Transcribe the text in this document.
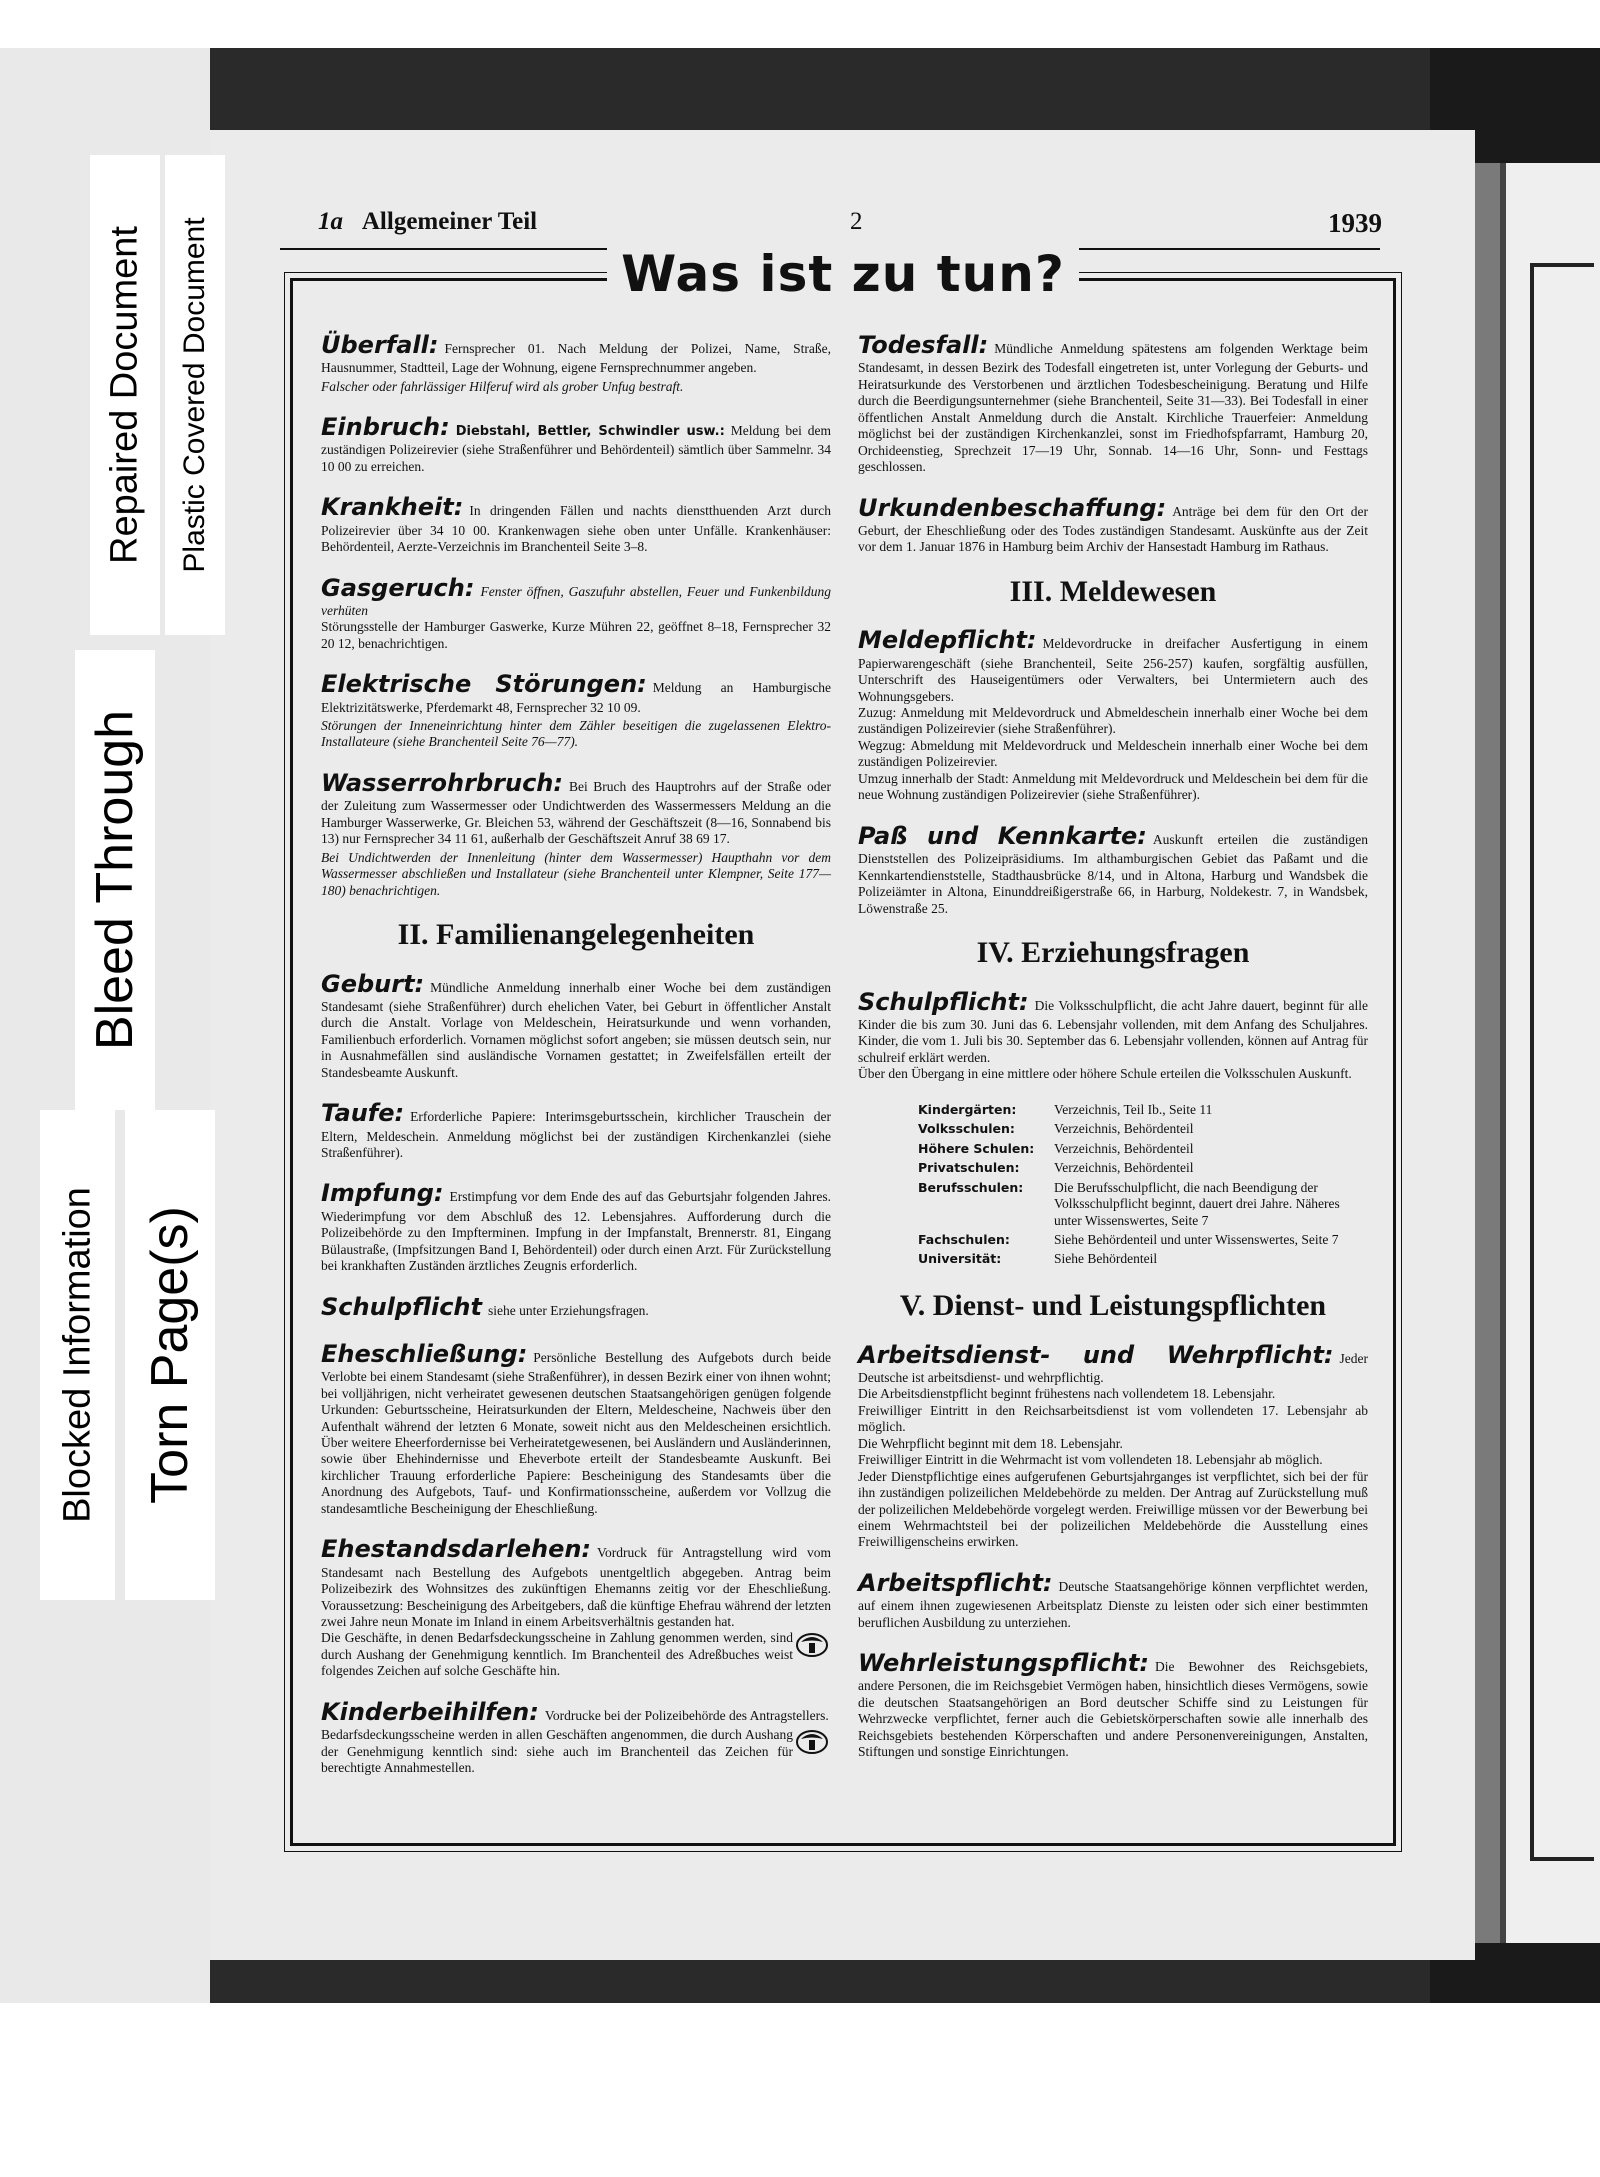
1a Allgemeiner Teil	2	1939
Was ist zu tun?

Überfall: Fernsprecher 01. Nach Meldung der Polizei, Name, Straße, Hausnummer, Stadtteil, Lage der Wohnung, eigene Fernsprechnummer angeben.

Falscher oder fahrlässiger Hilferuf wird als grober Unfug bestraft.

Einbruch: Diebstahl, Bettler, Schwindler usw.: Meldung bei dem zuständigen Polizeirevier (siehe Straßenführer und Behördenteil) sämtlich über Sammelnr. 34 10 00 zu erreichen.

Krankheit: In dringenden Fällen und nachts dienstthuenden Arzt durch Polizeirevier über 34 10 00. Krankenwagen siehe oben unter Unfälle. Krankenhäuser: Behördenteil, Aerzte-Verzeichnis im Branchenteil Seite 3–8.

Gasgeruch: Fenster öffnen, Gaszufuhr abstellen, Feuer und Funkenbildung verhüten

Störungsstelle der Hamburger Gaswerke, Kurze Mühren 22, geöffnet 8–18, Fernsprecher 32 20 12, benachrichtigen.

Elektrische Störungen: Meldung an Hamburgische Elektrizitätswerke, Pferdemarkt 48, Fernsprecher 32 10 09.

Störungen der Inneneinrichtung hinter dem Zähler beseitigen die zugelassenen Elektro-Installateure (siehe Branchenteil Seite 76—77).

Wasserrohrbruch: Bei Bruch des Hauptrohrs auf der Straße oder der Zuleitung zum Wassermesser oder Undichtwerden des Wassermessers Meldung an die Hamburger Wasserwerke, Gr. Bleichen 53, während der Geschäftszeit (8—16, Sonnabend bis 13) nur Fernsprecher 34 11 61, außerhalb der Geschäftszeit Anruf 38 69 17.

Bei Undichtwerden der Innenleitung (hinter dem Wassermesser) Haupthahn vor dem Wassermesser abschließen und Installateur (siehe Branchenteil unter Klempner, Seite 177—180) benachrichtigen.

II. Familienangelegenheiten

Geburt: Mündliche Anmeldung innerhalb einer Woche bei dem zuständigen Standesamt (siehe Straßenführer) durch ehelichen Vater, bei Geburt in öffentlicher Anstalt durch die Anstalt. Vorlage von Meldeschein, Heiratsurkunde und wenn vorhanden, Familienbuch erforderlich. Vornamen möglichst sofort angeben; sie müssen deutsch sein, nur in Ausnahmefällen sind ausländische Vornamen gestattet; in Zweifelsfällen erteilt der Standesbeamte Auskunft.

Taufe: Erforderliche Papiere: Interimsgeburtsschein, kirchlicher Trauschein der Eltern, Meldeschein. Anmeldung möglichst bei der zuständigen Kirchenkanzlei (siehe Straßenführer).

Impfung: Erstimpfung vor dem Ende des auf das Geburtsjahr folgenden Jahres. Wiederimpfung vor dem Abschluß des 12. Lebensjahres. Aufforderung durch die Polizeibehörde zu den Impfterminen. Impfung in der Impfanstalt, Brennerstr. 81, Eingang Bülaustraße, (Impfsitzungen Band I, Behördenteil) oder durch einen Arzt. Für Zurückstellung bei krankhaften Zuständen ärztliches Zeugnis erforderlich.

Schulpflicht siehe unter Erziehungsfragen.

Eheschließung: Persönliche Bestellung des Aufgebots durch beide Verlobte bei einem Standesamt (siehe Straßenführer), in dessen Bezirk einer von ihnen wohnt; bei volljährigen, nicht verheiratet gewesenen deutschen Staatsangehörigen genügen folgende Urkunden: Geburtsscheine, Heiratsurkunden der Eltern, Meldescheine, Nachweis über den Aufenthalt während der letzten 6 Monate, soweit nicht aus den Meldescheinen ersichtlich. Über weitere Eheerfordernisse bei Verheiratetgewesenen, bei Ausländern und Ausländerinnen, sowie über Ehehindernisse und Eheverbote erteilt der Standesbeamte Auskunft. Bei kirchlicher Trauung erforderliche Papiere: Bescheinigung des Standesamts über die Anordnung des Aufgebots, Tauf- und Konfirmationsscheine, außerdem vor Vollzug die standesamtliche Bescheinigung der Eheschließung.

Ehestandsdarlehen: Vordruck für Antragstellung wird vom Standesamt nach Bestellung des Aufgebots unentgeltlich abgegeben. Antrag beim Polizeibezirk des Wohnsitzes des zukünftigen Ehemanns zeitig vor der Eheschließung. Voraussetzung: Bescheinigung des Arbeitgebers, daß die künftige Ehefrau während der letzten zwei Jahre neun Monate im Inland in einem Arbeitsverhältnis gestanden hat.

Die Geschäfte, in denen Bedarfsdeckungsscheine in Zahlung genommen werden, sind durch Aushang der Genehmigung kenntlich. Im Branchenteil des Adreßbuches weist folgendes Zeichen auf solche Geschäfte hin.

Kinderbeihilfen: Vordrucke bei der Polizeibehörde des Antragstellers.

Bedarfsdeckungsscheine werden in allen Geschäften angenommen, die durch Aushang der Genehmigung kenntlich sind: siehe auch im Branchenteil das Zeichen für berechtigte Annahmestellen.

Todesfall: Mündliche Anmeldung spätestens am folgenden Werktage beim Standesamt, in dessen Bezirk des Todesfall eingetreten ist, unter Vorlegung der Geburts- und Heiratsurkunde des Verstorbenen und ärztlichen Todesbescheinigung. Beratung und Hilfe durch die Beerdigungsunternehmer (siehe Branchenteil, Seite 31—33). Bei Todesfall in einer öffentlichen Anstalt Anmeldung durch die Anstalt. Kirchliche Trauerfeier: Anmeldung möglichst bei der zuständigen Kirchenkanzlei, sonst im Friedhofspfarramt, Hamburg 20, Orchideenstieg, Sprechzeit 17—19 Uhr, Sonnab. 14—16 Uhr, Sonn- und Festtags geschlossen.

Urkundenbeschaffung: Anträge bei dem für den Ort der Geburt, der Eheschließung oder des Todes zuständigen Standesamt. Auskünfte aus der Zeit vor dem 1. Januar 1876 in Hamburg beim Archiv der Hansestadt Hamburg im Rathaus.

III. Meldewesen

Meldepflicht: Meldevordrucke in dreifacher Ausfertigung in einem Papierwarengeschäft (siehe Branchenteil, Seite 256-257) kaufen, sorgfältig ausfüllen, Unterschrift des Hauseigentümers oder Verwalters, bei Untermietern auch des Wohnungsgebers.

Zuzug: Anmeldung mit Meldevordruck und Abmeldeschein innerhalb einer Woche bei dem zuständigen Polizeirevier (siehe Straßenführer).

Wegzug: Abmeldung mit Meldevordruck und Meldeschein innerhalb einer Woche bei dem zuständigen Polizeirevier.

Umzug innerhalb der Stadt: Anmeldung mit Meldevordruck und Meldeschein bei dem für die neue Wohnung zuständigen Polizeirevier (siehe Straßenführer).

Paß und Kennkarte: Auskunft erteilen die zuständigen Dienststellen des Polizeipräsidiums. Im althamburgischen Gebiet das Paßamt und die Kennkartendienststelle, Stadthausbrücke 8/14, und in Altona, Harburg und Wandsbek die Polizeiämter in Altona, Einunddreißigerstraße 66, in Harburg, Noldekestr. 7, in Wandsbek, Löwenstraße 25.

IV. Erziehungsfragen

Schulpflicht: Die Volksschulpflicht, die acht Jahre dauert, beginnt für alle Kinder die bis zum 30. Juni das 6. Lebensjahr vollenden, mit dem Anfang des Schuljahres. Kinder, die vom 1. Juli bis 30. September das 6. Lebensjahr vollenden, können auf Antrag für schulreif erklärt werden.

Über den Übergang in eine mittlere oder höhere Schule erteilen die Volksschulen Auskunft.

Kindergärten:	Verzeichnis, Teil Ib., Seite 11
Volksschulen:	Verzeichnis, Behördenteil
Höhere Schulen:	Verzeichnis, Behördenteil
Privatschulen:	Verzeichnis, Behördenteil
Berufsschulen:	Die Berufsschulpflicht, die nach Beendigung der Volksschulpflicht beginnt, dauert drei Jahre. Näheres unter Wissenswertes, Seite 7
Fachschulen:	Siehe Behördenteil und unter Wissenswertes, Seite 7
Universität:	Siehe Behördenteil
V. Dienst- und Leistungspflichten

Arbeitsdienst- und Wehrpflicht: Jeder Deutsche ist arbeitsdienst- und wehrpflichtig.

Die Arbeitsdienstpflicht beginnt frühestens nach vollendetem 18. Lebensjahr.

Freiwilliger Eintritt in den Reichsarbeitsdienst ist vom vollendeten 17. Lebensjahr ab möglich.

Die Wehrpflicht beginnt mit dem 18. Lebensjahr.

Freiwilliger Eintritt in die Wehrmacht ist vom vollendeten 18. Lebensjahr ab möglich.

Jeder Dienstpflichtige eines aufgerufenen Geburtsjahrganges ist verpflichtet, sich bei der für ihn zuständigen polizeilichen Meldebehörde zu melden. Der Antrag auf Zurückstellung muß der polizeilichen Meldebehörde vorgelegt werden. Freiwillige müssen vor der Bewerbung bei einem Wehrmachtsteil bei der polizeilichen Meldebehörde die Ausstellung eines Freiwilligenscheins erwirken.

Arbeitspflicht: Deutsche Staatsangehörige können verpflichtet werden, auf einem ihnen zugewiesenen Arbeitsplatz Dienste zu leisten oder sich einer bestimmten beruflichen Ausbildung zu unterziehen.

Wehrleistungspflicht: Die Bewohner des Reichsgebiets, andere Personen, die im Reichsgebiet Vermögen haben, hinsichtlich dieses Vermögens, sowie die deutschen Staatsangehörigen an Bord deutscher Schiffe sind zu Leistungen für Wehrzwecke verpflichtet, ferner auch die Gebietskörperschaften sowie alle innerhalb des Reichsgebiets bestehenden Körperschaften und andere Personenvereinigungen, Anstalten, Stiftungen und sonstige Einrichtungen.

Plastic Covered Document
Repaired Document
Bleed Through
Blocked Information Torn Page(s)
